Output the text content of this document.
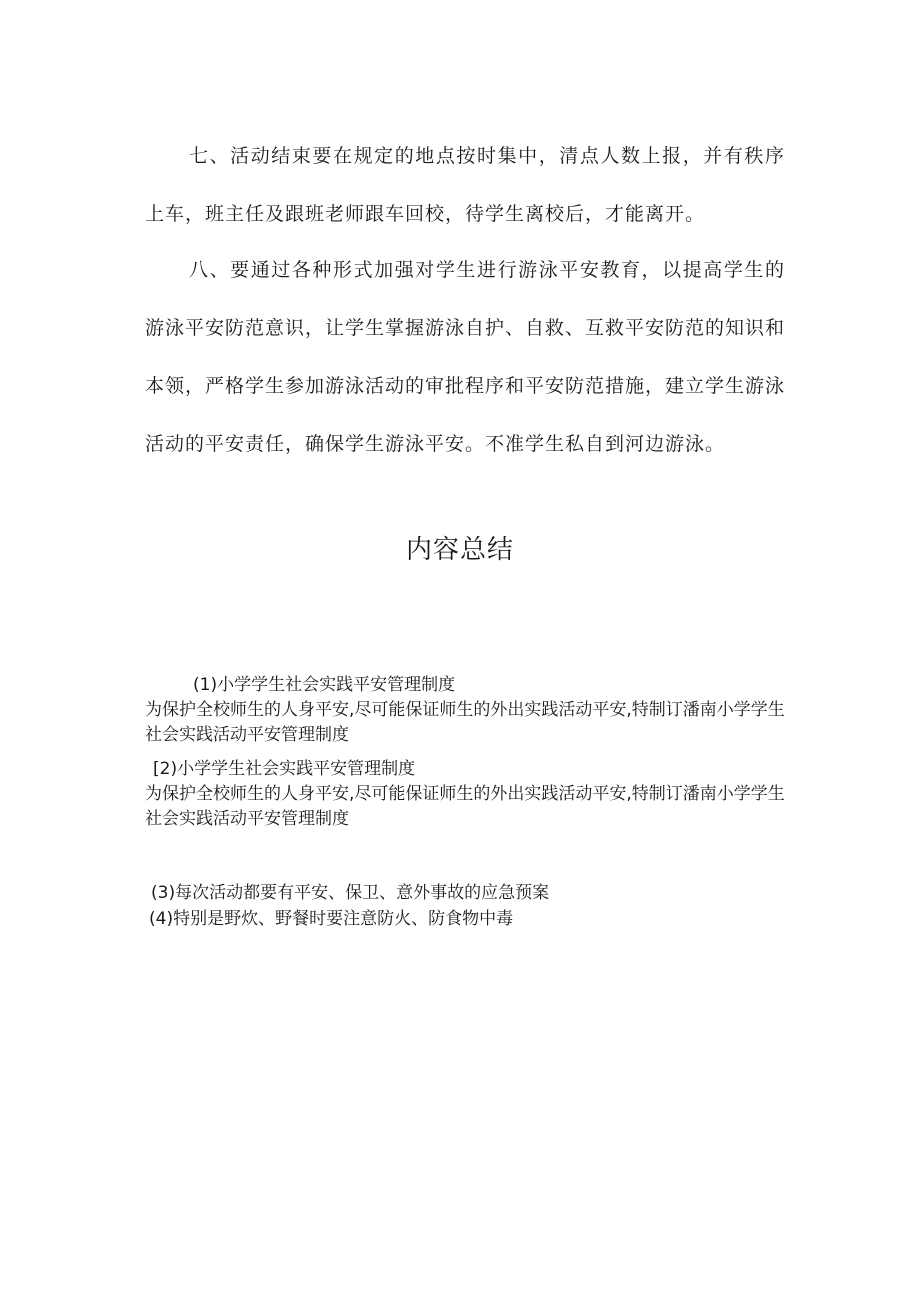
七、活动结束要在规定的地点按时集中，清点人数上报，并有秩序上车，班主任及跟班老师跟车回校，待学生离校后，才能离开。

八、要通过各种形式加强对学生进行游泳平安教育，以提高学生的游泳平安防范意识，让学生掌握游泳自护、自救、互救平安防范的知识和本领，严格学生参加游泳活动的审批程序和平安防范措施，建立学生游泳活动的平安责任，确保学生游泳平安。不准学生私自到河边游泳。

内容总结
(1)小学学生社会实践平安管理制度
为保护全校师生的人身平安,尽可能保证师生的外出实践活动平安,特制订潘南小学学生社会实践活动平安管理制度
[2)小学学生社会实践平安管理制度
为保护全校师生的人身平安,尽可能保证师生的外出实践活动平安,特制订潘南小学学生社会实践活动平安管理制度
(3)每次活动都要有平安、保卫、意外事故的应急预案
(4)特别是野炊、野餐时要注意防火、防食物中毒
